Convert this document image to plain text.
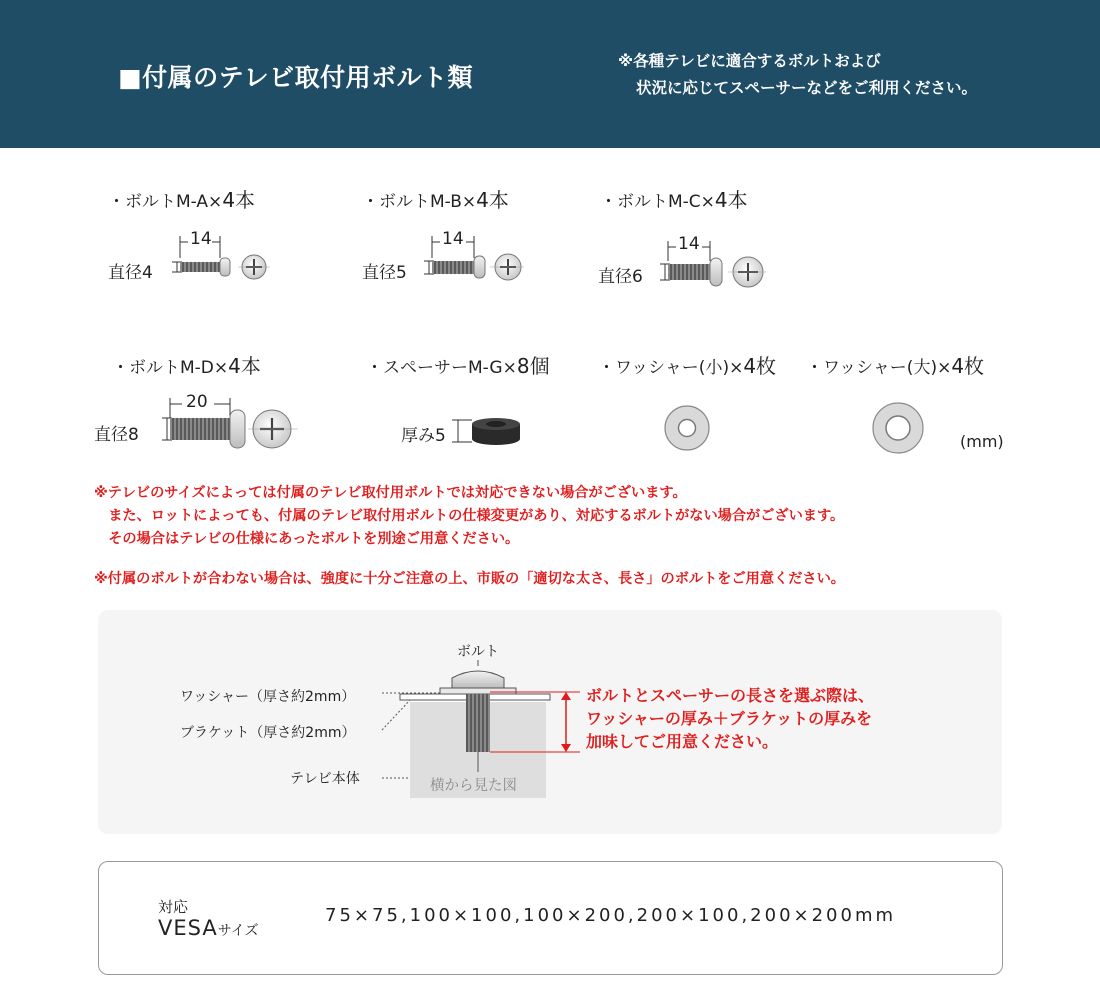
■付属のテレビ取付用ボルト類
※各種テレビに適合するボルトおよび
状況に応じてスペーサーなどをご利用ください。
・ボルトM-A×4本
直径4
14
・ボルトM-B×4本
直径5
14
・ボルトM-C×4本
直径6
14
・ボルトM-D×4本
直径8
20
・スペーサーM-G×8個
厚み5
・ワッシャー(小)×4枚 ・ワッシャー(大)×4枚
(mm)
※テレビのサイズによっては付属のテレビ取付用ボルトでは対応できない場合がございます。
　また、ロットによっても、付属のテレビ取付用ボルトの仕様変更があり、対応するボルトがない場合がございます。
　その場合はテレビの仕様にあったボルトを別途ご用意ください。
※付属のボルトが合わない場合は、強度に十分ご注意の上、市販の「適切な太さ、長さ」のボルトをご用意ください。
ボルト
ワッシャー（厚さ約2mm）
ブラケット（厚さ約2mm）
テレビ本体	横から見た図
ボルトとスペーサーの長さを選ぶ際は、
ワッシャーの厚み＋ブラケットの厚みを
加味してご用意ください。
対応
VESAサイズ
75×75,100×100,100×200,200×100,200×200mm
